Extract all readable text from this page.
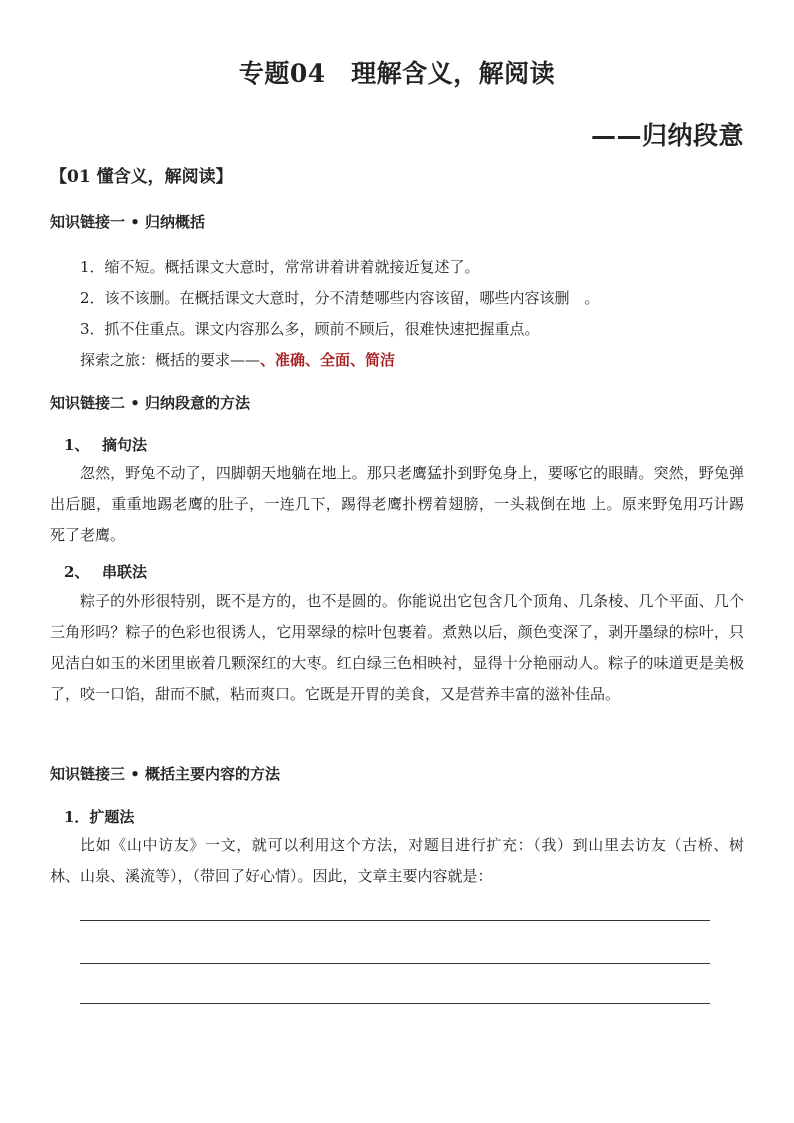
专题04　理解含义，解阅读
——归纳段意
【01 懂含义，解阅读】
知识链接一 • 归纳概括
1．缩不短。概括课文大意时，常常讲着讲着就接近复述了。
2．该不该删。在概括课文大意时，分不清楚哪些内容该留，哪些内容该删　。
3．抓不住重点。课文内容那么多，顾前不顾后，很难快速把握重点。
探索之旅：概括的要求——、准确、全面、简洁
知识链接二 • 归纳段意的方法
1、 摘句法

忽然，野兔不动了，四脚朝天地躺在地上。那只老鹰猛扑到野兔身上，要啄它的眼睛。突然，野兔弹出后腿，重重地踢老鹰的肚子，一连几下，踢得老鹰扑楞着翅膀，一头栽倒在地 上。原来野兔用巧计踢死了老鹰。

2、 串联法

粽子的外形很特别，既不是方的，也不是圆的。你能说出它包含几个顶角、几条棱、几个平面、几个三角形吗？粽子的色彩也很诱人，它用翠绿的棕叶包裹着。煮熟以后，颜色变深了，剥开墨绿的棕叶，只见洁白如玉的米团里嵌着几颗深红的大枣。红白绿三色相映衬，显得十分艳丽动人。粽子的味道更是美极了，咬一口馅，甜而不腻，粘而爽口。它既是开胃的美食，又是营养丰富的滋补佳品。

知识链接三 • 概括主要内容的方法
1．扩题法

比如《山中访友》一文，就可以利用这个方法，对题目进行扩充：（我）到山里去访友（古桥、树林、山泉、溪流等），（带回了好心情）。因此，文章主要内容就是：
